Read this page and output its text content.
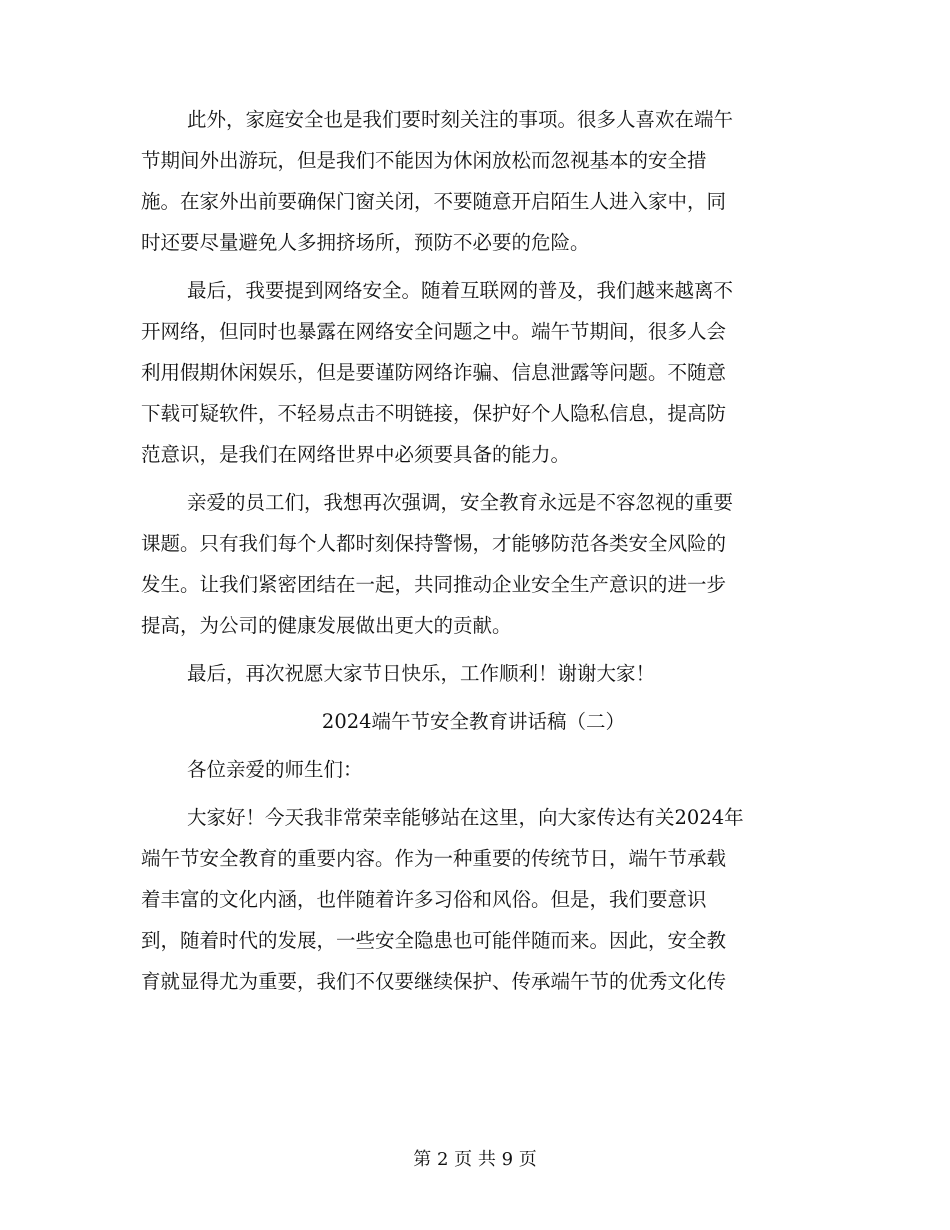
此外，家庭安全也是我们要时刻关注的事项。很多人喜欢在端午
节期间外出游玩，但是我们不能因为休闲放松而忽视基本的安全措
施。在家外出前要确保门窗关闭，不要随意开启陌生人进入家中，同
时还要尽量避免人多拥挤场所，预防不必要的危险。

最后，我要提到网络安全。随着互联网的普及，我们越来越离不
开网络，但同时也暴露在网络安全问题之中。端午节期间，很多人会
利用假期休闲娱乐，但是要谨防网络诈骗、信息泄露等问题。不随意
下载可疑软件，不轻易点击不明链接，保护好个人隐私信息，提高防
范意识，是我们在网络世界中必须要具备的能力。

亲爱的员工们，我想再次强调，安全教育永远是不容忽视的重要
课题。只有我们每个人都时刻保持警惕，才能够防范各类安全风险的
发生。让我们紧密团结在一起，共同推动企业安全生产意识的进一步
提高，为公司的健康发展做出更大的贡献。

最后，再次祝愿大家节日快乐，工作顺利！谢谢大家！

2024端午节安全教育讲话稿（二）

各位亲爱的师生们：

大家好！今天我非常荣幸能够站在这里，向大家传达有关2024年
端午节安全教育的重要内容。作为一种重要的传统节日，端午节承载
着丰富的文化内涵，也伴随着许多习俗和风俗。但是，我们要意识
到，随着时代的发展，一些安全隐患也可能伴随而来。因此，安全教
育就显得尤为重要，我们不仅要继续保护、传承端午节的优秀文化传

第 2 页 共 9 页
